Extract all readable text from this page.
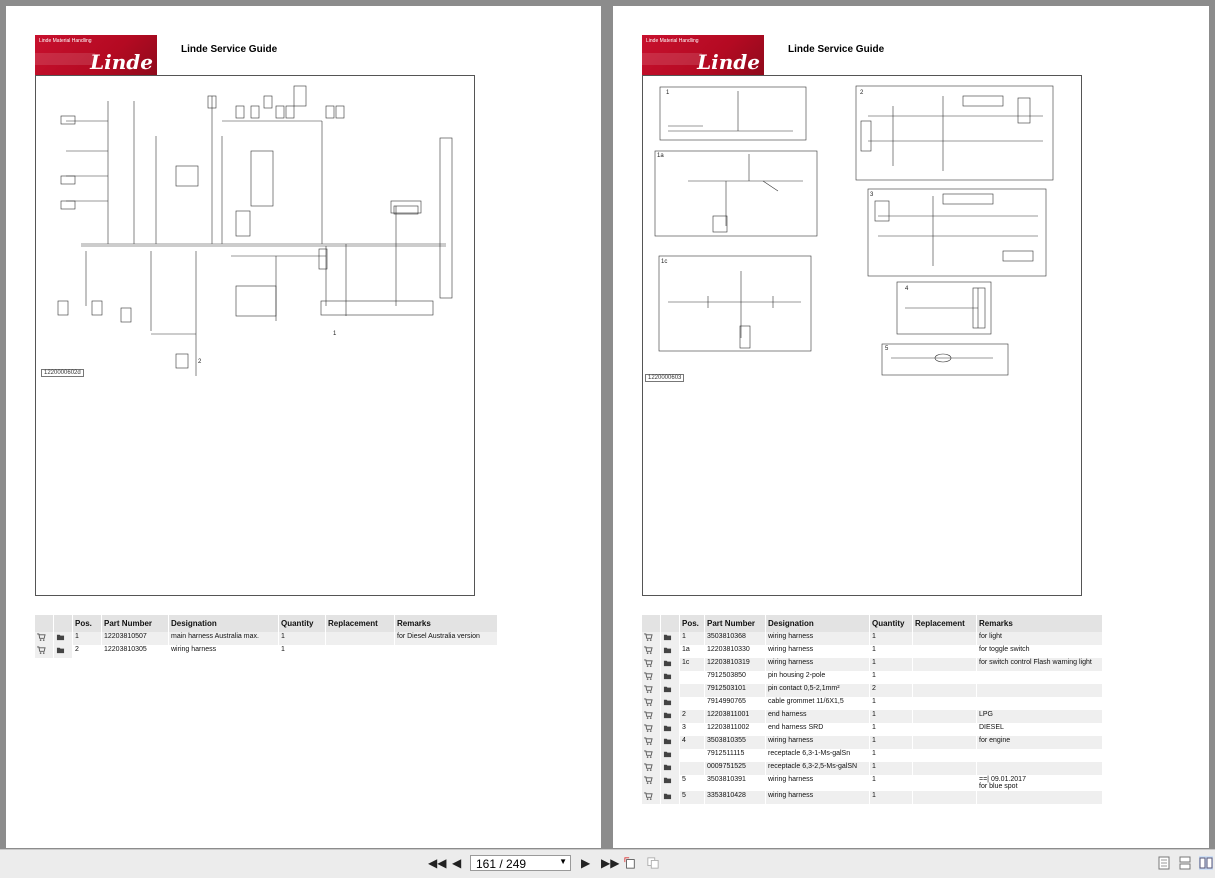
Linde Material Handling
Linde
Linde Service Guide
1
2
1220000602d
		Pos.	Part Number	Designation	Quantity	Replacement	Remarks
		1	12203810507	main harness Australia max.	1		for Diesel Australia version
		2	12203810305	wiring harness	1		
Linde Material Handling
Linde
Linde Service Guide
1
1a
1c
2
3
4
5
1220000603
		Pos.	Part Number	Designation	Quantity	Replacement	Remarks
		1	3503810368	wiring harness	1		for light
		1a	12203810330	wiring harness	1		for toggle switch
		1c	12203810319	wiring harness	1		for switch control Flash warning light
			7912503850	pin housing 2-pole	1		
			7912503101	pin contact 0,5-2,1mm²	2		
			7914990765	cable grommet 11/6X1,5	1		
		2	12203811001	end harness	1		LPG
		3	12203811002	end harness SRD	1		DIESEL
		4	3503810355	wiring harness	1		for engine
			7912511115	receptacle 6,3-1-Ms-galSn	1		
			0009751525	receptacle 6,3-2,5-Ms-galSN	1		
		5	3503810391	wiring harness	1		==| 09.01.2017
for blue spot
		5	3353810428	wiring harness	1		
◀◀ ◀ 161 / 249	▼ ▶ ▶▶
